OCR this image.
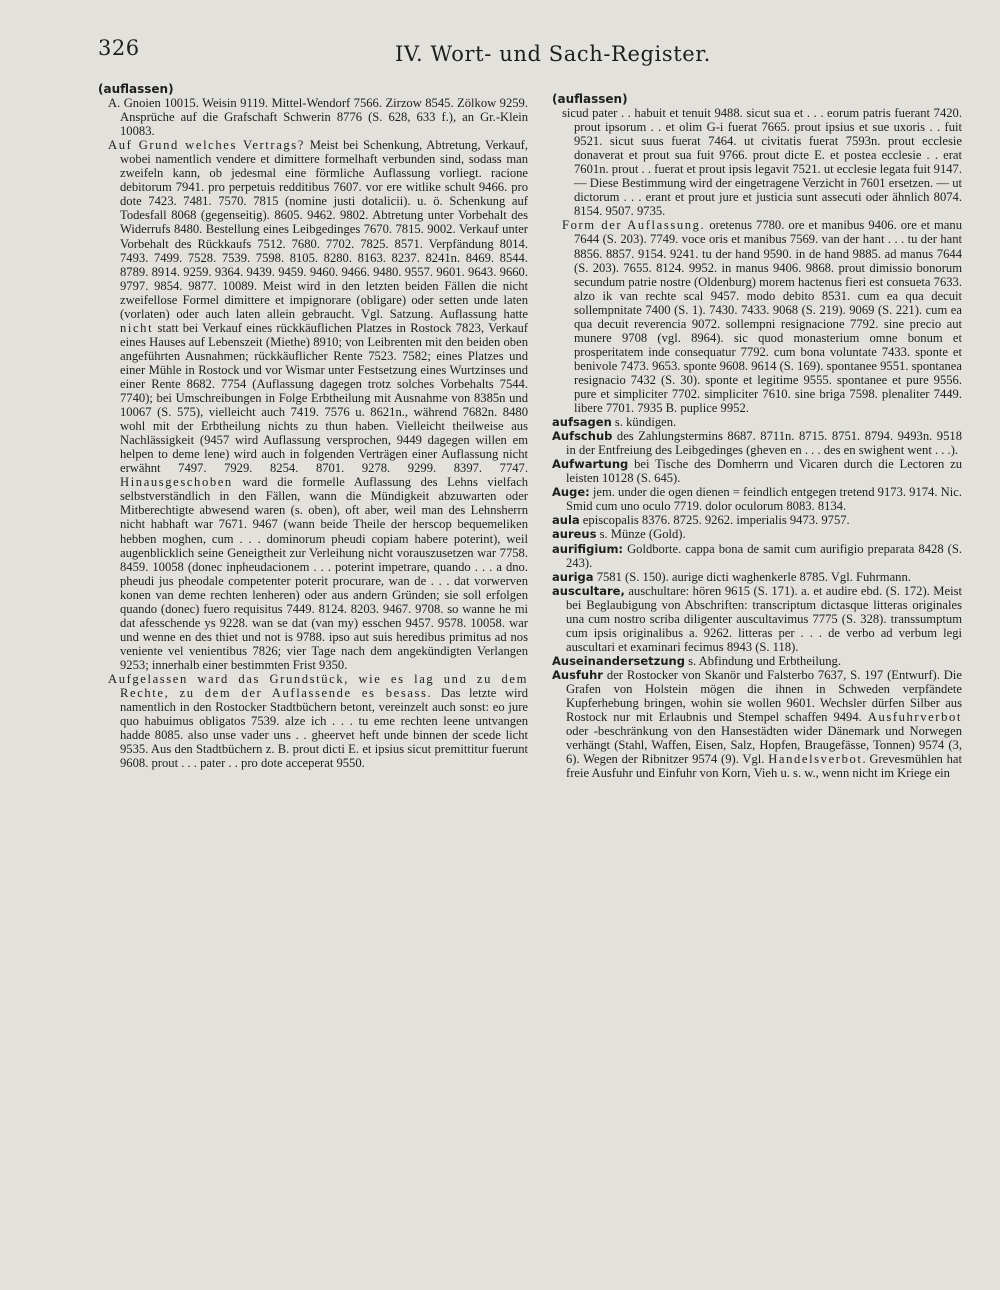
326	IV. Wort- und Sach-Register.
(auflassen)

A. Gnoien 10015. Weisin 9119. Mittel-Wendorf 7566. Zirzow 8545. Zölkow 9259. Ansprüche auf die Grafschaft Schwerin 8776 (S. 628, 633 f.), an Gr.-Klein 10083.

Auf Grund welches Vertrags? Meist bei Schenkung, Abtretung, Verkauf, wobei namentlich vendere et dimittere formelhaft verbunden sind, sodass man zweifeln kann, ob jedesmal eine förmliche Auflassung vorliegt. racione debitorum 7941. pro perpetuis redditibus 7607. vor ere witlike schult 9466. pro dote 7423. 7481. 7570. 7815 (nomine justi dotalicii). u. ö. Schenkung auf Todesfall 8068 (gegenseitig). 8605. 9462. 9802. Abtretung unter Vorbehalt des Widerrufs 8480. Bestellung eines Leibgedinges 7670. 7815. 9002. Verkauf unter Vorbehalt des Rückkaufs 7512. 7680. 7702. 7825. 8571. Verpfändung 8014. 7493. 7499. 7528. 7539. 7598. 8105. 8280. 8163. 8237. 8241n. 8469. 8544. 8789. 8914. 9259. 9364. 9439. 9459. 9460. 9466. 9480. 9557. 9601. 9643. 9660. 9797. 9854. 9877. 10089. Meist wird in den letzten beiden Fällen die nicht zweifellose Formel dimittere et impignorare (obligare) oder setten unde laten (vorlaten) oder auch laten allein gebraucht. Vgl. Satzung. Auflassung hatte nicht statt bei Verkauf eines rückkäuflichen Platzes in Rostock 7823, Verkauf eines Hauses auf Lebenszeit (Miethe) 8910; von Leibrenten mit den beiden oben angeführten Ausnahmen; rückkäuflicher Rente 7523. 7582; eines Platzes und einer Mühle in Rostock und vor Wismar unter Festsetzung eines Wurtzinses und einer Rente 8682. 7754 (Auflassung dagegen trotz solches Vorbehalts 7544. 7740); bei Umschreibungen in Folge Erbtheilung mit Ausnahme von 8385n und 10067 (S. 575), vielleicht auch 7419. 7576 u. 8621n., während 7682n. 8480 wohl mit der Erbtheilung nichts zu thun haben. Vielleicht theilweise aus Nachlässigkeit (9457 wird Auflassung versprochen, 9449 dagegen willen em helpen to deme lene) wird auch in folgenden Verträgen einer Auflassung nicht erwähnt 7497. 7929. 8254. 8701. 9278. 9299. 8397. 7747. Hinausgeschoben ward die formelle Auflassung des Lehns vielfach selbstverständlich in den Fällen, wann die Mündigkeit abzuwarten oder Mitberechtigte abwesend waren (s. oben), oft aber, weil man des Lehnsherrn nicht habhaft war 7671. 9467 (wann beide Theile der herscop bequemeliken hebben moghen, cum . . . dominorum pheudi copiam habere poterint), weil augenblicklich seine Geneigtheit zur Verleihung nicht vorauszusetzen war 7758. 8459. 10058 (donec inpheudacionem . . . poterint impetrare, quando . . . a dno. pheudi jus pheodale competenter poterit procurare, wan de . . . dat vorwerven konen van deme rechten lenheren) oder aus andern Gründen; sie soll erfolgen quando (donec) fuero requisitus 7449. 8124. 8203. 9467. 9708. so wanne he mi dat afesschende ys 9228. wan se dat (van my) esschen 9457. 9578. 10058. war und wenne en des thiet und not is 9788. ipso aut suis heredibus primitus ad nos veniente vel venientibus 7826; vier Tage nach dem angekündigten Verlangen 9253; innerhalb einer bestimmten Frist 9350.

Aufgelassen ward das Grundstück, wie es lag und zu dem Rechte, zu dem der Auflassende es besass. Das letzte wird namentlich in den Rostocker Stadtbüchern betont, vereinzelt auch sonst: eo jure quo habuimus obligatos 7539. alze ich . . . tu eme rechten leene untvangen hadde 8085. also unse vader uns . . gheervet heft unde binnen der scede licht 9535. Aus den Stadtbüchern z. B. prout dicti E. et ipsius sicut premittitur fuerunt 9608. prout . . . pater . . pro dote acceperat 9550.

(auflassen)

sicud pater . . habuit et tenuit 9488. sicut sua et . . . eorum patris fuerant 7420. prout ipsorum . . et olim G-i fuerat 7665. prout ipsius et sue uxoris . . fuit 9521. sicut suus fuerat 7464. ut civitatis fuerat 7593n. prout ecclesie donaverat et prout sua fuit 9766. prout dicte E. et postea ecclesie . . erat 7601n. prout . . fuerat et prout ipsis legavit 7521. ut ecclesie legata fuit 9147. — Diese Bestimmung wird der eingetragene Verzicht in 7601 ersetzen. — ut dictorum . . . erant et prout jure et justicia sunt assecuti oder ähnlich 8074. 8154. 9507. 9735.

Form der Auflassung. oretenus 7780. ore et manibus 9406. ore et manu 7644 (S. 203). 7749. voce oris et manibus 7569. van der hant . . . tu der hant 8856. 8857. 9154. 9241. tu der hand 9590. in de hand 9885. ad manus 7644 (S. 203). 7655. 8124. 9952. in manus 9406. 9868. prout dimissio bonorum secundum patrie nostre (Oldenburg) morem hactenus fieri est consueta 7633. alzo ik van rechte scal 9457. modo debito 8531. cum ea qua decuit sollempnitate 7400 (S. 1). 7430. 7433. 9068 (S. 219). 9069 (S. 221). cum ea qua decuit reverencia 9072. sollempni resignacione 7792. sine precio aut munere 9708 (vgl. 8964). sic quod monasterium omne bonum et prosperitatem inde consequatur 7792. cum bona voluntate 7433. sponte et benivole 7473. 9653. sponte 9608. 9614 (S. 169). spontanee 9551. spontanea resignacio 7432 (S. 30). sponte et legitime 9555. spontanee et pure 9556. pure et simpliciter 7702. simpliciter 7610. sine briga 7598. plenaliter 7449. libere 7701. 7935 B. puplice 9952.

aufsagen s. kündigen.

Aufschub des Zahlungstermins 8687. 8711n. 8715. 8751. 8794. 9493n. 9518 in der Entfreiung des Leibgedinges (gheven en . . . des en swighent went . . .).

Aufwartung bei Tische des Domherrn und Vicaren durch die Lectoren zu leisten 10128 (S. 645).

Auge: jem. under die ogen dienen = feindlich entgegen tretend 9173. 9174. Nic. Smid cum uno oculo 7719. dolor oculorum 8083. 8134.

aula episcopalis 8376. 8725. 9262. imperialis 9473. 9757.

aureus s. Münze (Gold).

aurifigium: Goldborte. cappa bona de samit cum aurifigio preparata 8428 (S. 243).

auriga 7581 (S. 150). aurige dicti waghenkerle 8785. Vgl. Fuhrmann.

auscultare, auschultare: hören 9615 (S. 171). a. et audire ebd. (S. 172). Meist bei Beglaubigung von Abschriften: transcriptum dictasque litteras originales una cum nostro scriba diligenter auscultavimus 7775 (S. 328). transsumptum cum ipsis originalibus a. 9262. litteras per . . . de verbo ad verbum legi auscultari et examinari fecimus 8943 (S. 118).

Auseinandersetzung s. Abfindung und Erbtheilung.

Ausfuhr der Rostocker von Skanör und Falsterbo 7637, S. 197 (Entwurf). Die Grafen von Holstein mögen die ihnen in Schweden verpfändete Kupferhebung bringen, wohin sie wollen 9601. Wechsler dürfen Silber aus Rostock nur mit Erlaubnis und Stempel schaffen 9494. Ausfuhrverbot oder -beschränkung von den Hansestädten wider Dänemark und Norwegen verhängt (Stahl, Waffen, Eisen, Salz, Hopfen, Braugefässe, Tonnen) 9574 (3, 6). Wegen der Ribnitzer 9574 (9). Vgl. Handelsverbot. Grevesmühlen hat freie Ausfuhr und Einfuhr von Korn, Vieh u. s. w., wenn nicht im Kriege ein
